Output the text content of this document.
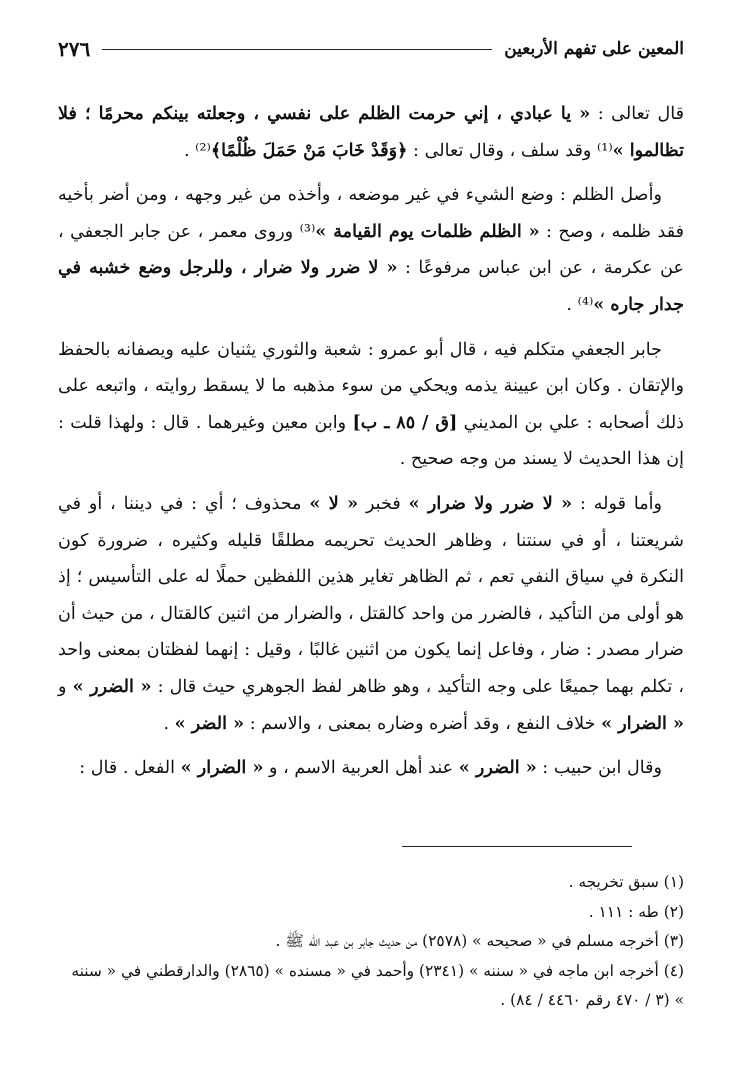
٢٧٦	المعين على تفهم الأربعين

قال تعالى : « يا عبادي ، إني حرمت الظلم على نفسي ، وجعلته بينكم محرمًا ؛ فلا تظالموا »⁽¹⁾ وقد سلف ، وقال تعالى : ﴿وَقَدْ خَابَ مَنْ حَمَلَ ظُلْمًا﴾⁽²⁾ .

وأصل الظلم : وضع الشيء في غير موضعه ، وأخذه من غير وجهه ، ومن أضر بأخيه فقد ظلمه ، وصح : « الظلم ظلمات يوم القيامة »⁽³⁾ وروى معمر ، عن جابر الجعفي ، عن عكرمة ، عن ابن عباس مرفوعًا : « لا ضرر ولا ضرار ، وللرجل وضع خشبه في جدار جاره »⁽⁴⁾ .

جابر الجعفي متكلم فيه ، قال أبو عمرو : شعبة والثوري يثنيان عليه ويصفانه بالحفظ والإتقان . وكان ابن عيينة يذمه ويحكي من سوء مذهبه ما لا يسقط روايته ، واتبعه على ذلك أصحابه : علي بن المديني [ق / ٨٥ ـ ب] وابن معين وغيرهما . قال : ولهذا قلت : إن هذا الحديث لا يسند من وجه صحيح .

وأما قوله : « لا ضرر ولا ضرار » فخبر « لا » محذوف ؛ أي : في ديننا ، أو في شريعتنا ، أو في سنتنا ، وظاهر الحديث تحريمه مطلقًا قليله وكثيره ، ضرورة كون النكرة في سياق النفي تعم ، ثم الظاهر تغاير هذين اللفظين حملًا له على التأسيس ؛ إذ هو أولى من التأكيد ، فالضرر من واحد كالقتل ، والضرار من اثنين كالقتال ، من حيث أن ضرار مصدر : ضار ، وفاعل إنما يكون من اثنين غالبًا ، وقيل : إنهما لفظتان بمعنى واحد ، تكلم بهما جميعًا على وجه التأكيد ، وهو ظاهر لفظ الجوهري حيث قال : « الضرر » و « الضرار » خلاف النفع ، وقد أضره وضاره بمعنى ، والاسم : « الضر » .

وقال ابن حبيب : « الضرر » عند أهل العربية الاسم ، و « الضرار » الفعل . قال :

(١) سبق تخريجه .
(٢) طه : ١١١ .
(٣) أخرجه مسلم في « صحيحه » (٢٥٧٨) من حديث جابر بن عبد الله ﷺ .
(٤) أخرجه ابن ماجه في « سننه » (٢٣٤١) وأحمد في « مسنده » (٢٨٦٥) والدارقطني في « سننه » (٣ / ٤٧٠ رقم ٤٤٦٠ / ٨٤) .
